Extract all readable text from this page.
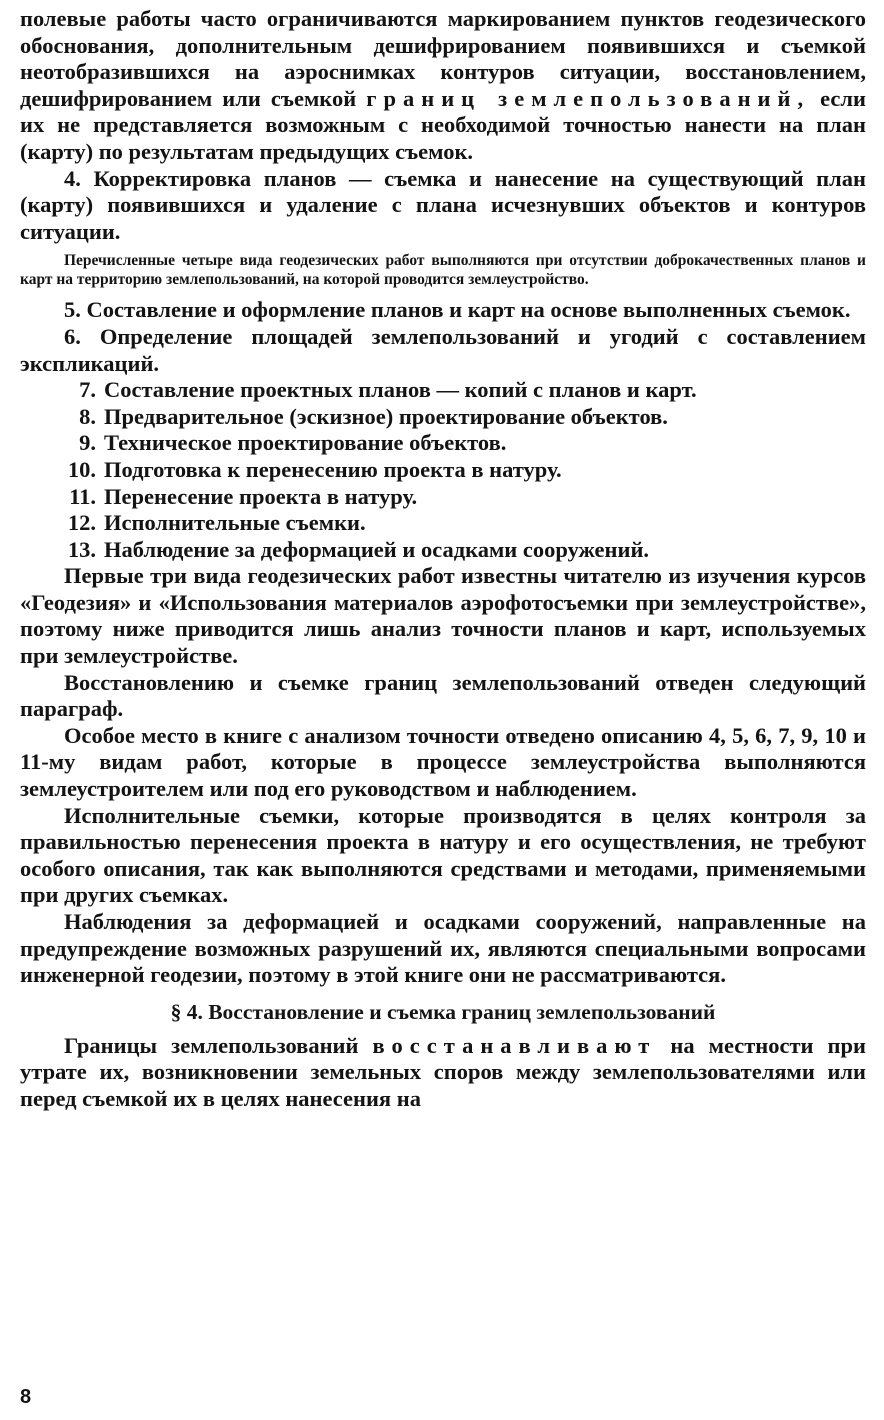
полевые работы часто ограничиваются маркированием пунктов геодезического обоснования, дополнительным дешифрированием появившихся и съемкой неотобразившихся на аэроснимках контуров ситуации, восстановлением, дешифрированием или съемкой границ землепользований, если их не представляется возможным с необходимой точностью нанести на план (карту) по результатам предыдущих съемок.

4. Корректировка планов — съемка и нанесение на существующий план (карту) появившихся и удаление с плана исчезнувших объектов и контуров ситуации.

Перечисленные четыре вида геодезических работ выполняются при отсутствии доброкачественных планов и карт на территорию землепользований, на которой проводится землеустройство.

5. Составление и оформление планов и карт на основе выполненных съемок.

6. Определение площадей землепользований и угодий с составлением экспликаций.

7. Составление проектных планов — копий с планов и карт.
8. Предварительное (эскизное) проектирование объектов.
9. Техническое проектирование объектов.
10. Подготовка к перенесению проекта в натуру.
11. Перенесение проекта в натуру.
12. Исполнительные съемки.
13. Наблюдение за деформацией и осадками сооружений.

Первые три вида геодезических работ известны читателю из изучения курсов «Геодезия» и «Использования материалов аэрофотосъемки при землеустройстве», поэтому ниже приводится лишь анализ точности планов и карт, используемых при землеустройстве.

Восстановлению и съемке границ землепользований отведен следующий параграф.

Особое место в книге с анализом точности отведено описанию 4, 5, 6, 7, 9, 10 и 11-му видам работ, которые в процессе землеустройства выполняются землеустроителем или под его руководством и наблюдением.

Исполнительные съемки, которые производятся в целях контроля за правильностью перенесения проекта в натуру и его осуществления, не требуют особого описания, так как выполняются средствами и методами, применяемыми при других съемках.

Наблюдения за деформацией и осадками сооружений, направленные на предупреждение возможных разрушений их, являются специальными вопросами инженерной геодезии, поэтому в этой книге они не рассматриваются.

§ 4. Восстановление и съемка границ землепользований

Границы землепользований восстанавливают на местности при утрате их, возникновении земельных споров между землепользователями или перед съемкой их в целях нанесения на

8
